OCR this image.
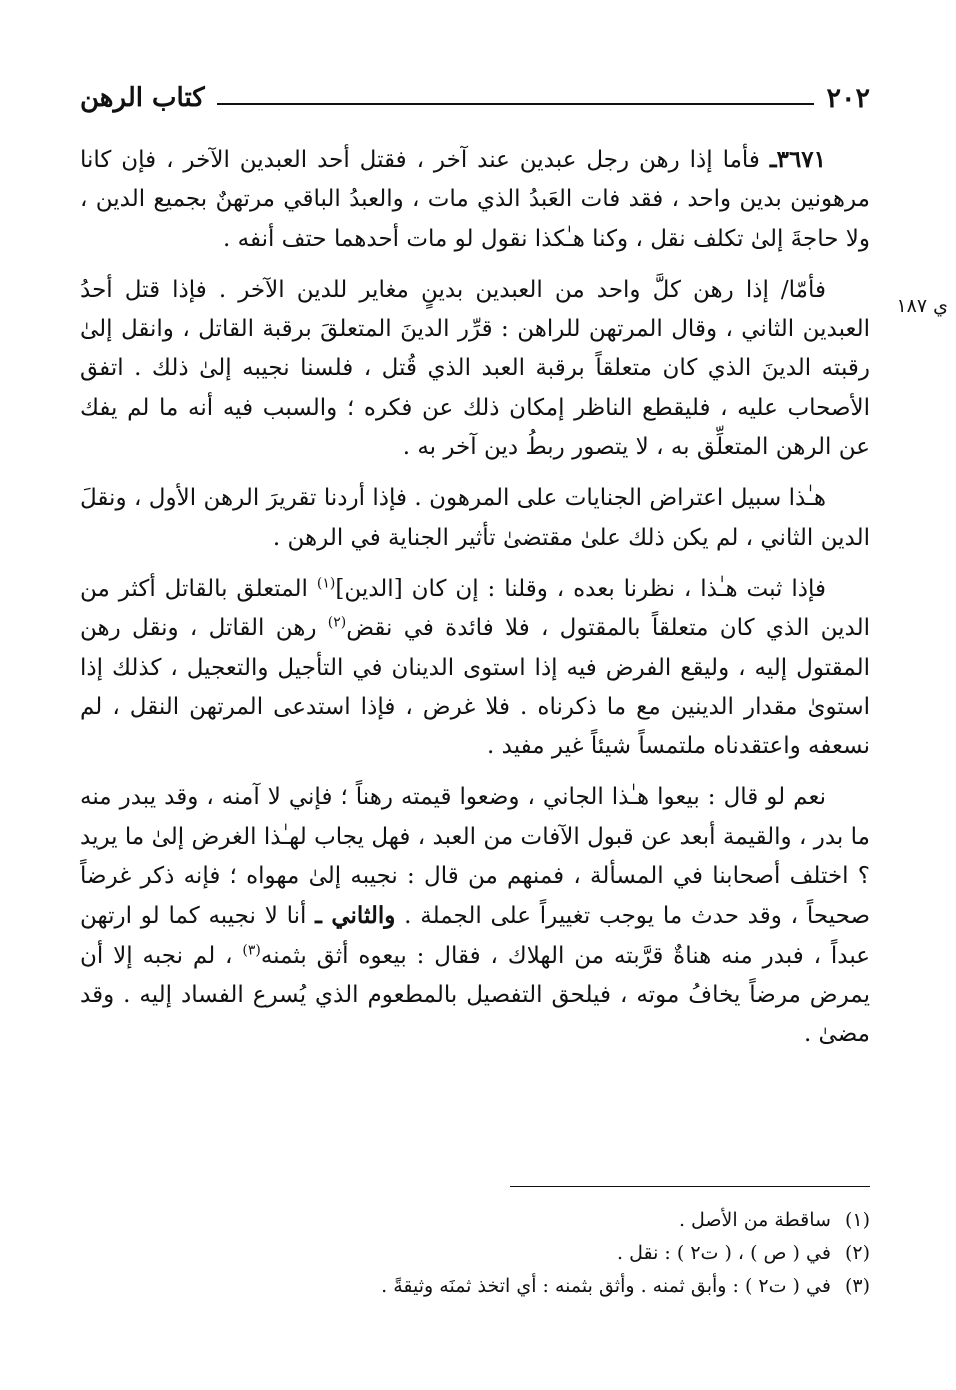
٢٠٢
كتاب الرهن
ي ١٨٧

٣٦٧١ـ فأما إذا رهن رجل عبدين عند آخر ، فقتل أحد العبدين الآخر ، فإن كانا مرهونين بدين واحد ، فقد فات العَبدُ الذي مات ، والعبدُ الباقي مرتهنٌ بجميع الدين ، ولا حاجةَ إلىٰ تكلف نقل ، وكنا هـٰكذا نقول لو مات أحدهما حتف أنفه .

فأمّا/ إذا رهن كلَّ واحد من العبدين بدينٍ مغاير للدين الآخر . فإذا قتل أحدُ العبدين الثاني ، وقال المرتهن للراهن : قرِّر الدينَ المتعلقَ برقبة القاتل ، وانقل إلىٰ رقبته الدينَ الذي كان متعلقاً برقبة العبد الذي قُتل ، فلسنا نجيبه إلىٰ ذلك . اتفق الأصحاب عليه ، فليقطع الناظر إمكان ذلك عن فكره ؛ والسبب فيه أنه ما لم يفك عن الرهن المتعلِّق به ، لا يتصور ربطُ دين آخر به .

هـٰذا سبيل اعتراض الجنايات على المرهون . فإذا أردنا تقريرَ الرهن الأول ، ونقلَ الدين الثاني ، لم يكن ذلك علىٰ مقتضىٰ تأثير الجناية في الرهن .

فإذا ثبت هـٰذا ، نظرنا بعده ، وقلنا : إن كان [الدين]$^{(١)}$ المتعلق بالقاتل أكثر من الدين الذي كان متعلقاً بالمقتول ، فلا فائدة في نقض$^{(٢)}$ رهن القاتل ، ونقل رهن المقتول إليه ، وليقع الفرض فيه إذا استوى الدينان في التأجيل والتعجيل ، كذلك إذا استوىٰ مقدار الدينين مع ما ذكرناه . فلا غرض ، فإذا استدعى المرتهن النقل ، لم نسعفه واعتقدناه ملتمساً شيئاً غير مفيد .

نعم لو قال : بيعوا هـٰذا الجاني ، وضعوا قيمته رهناً ؛ فإني لا آمنه ، وقد يبدر منه ما بدر ، والقيمة أبعد عن قبول الآفات من العبد ، فهل يجاب لهـٰذا الغرض إلىٰ ما يريد ؟ اختلف أصحابنا في المسألة ، فمنهم من قال : نجيبه إلىٰ مهواه ؛ فإنه ذكر غرضاً صحيحاً ، وقد حدث ما يوجب تغييراً على الجملة . والثاني ـ أنا لا نجيبه كما لو ارتهن عبداً ، فبدر منه هناةٌ قرَّبته من الهلاك ، فقال : بيعوه أثق بثمنه$^{(٣)}$ ، لم نجبه إلا أن يمرض مرضاً يخافُ موته ، فيلحق التفصيل بالمطعوم الذي يُسرع الفساد إليه . وقد مضىٰ .

(١)
ساقطة من الأصل .
(٢)
في ( ص ) ، ( ت٢ ) : نقل .
(٣)
في ( ت٢ ) : وأبق ثمنه . وأثق بثمنه : أي اتخذ ثمنَه وثيقةً .
